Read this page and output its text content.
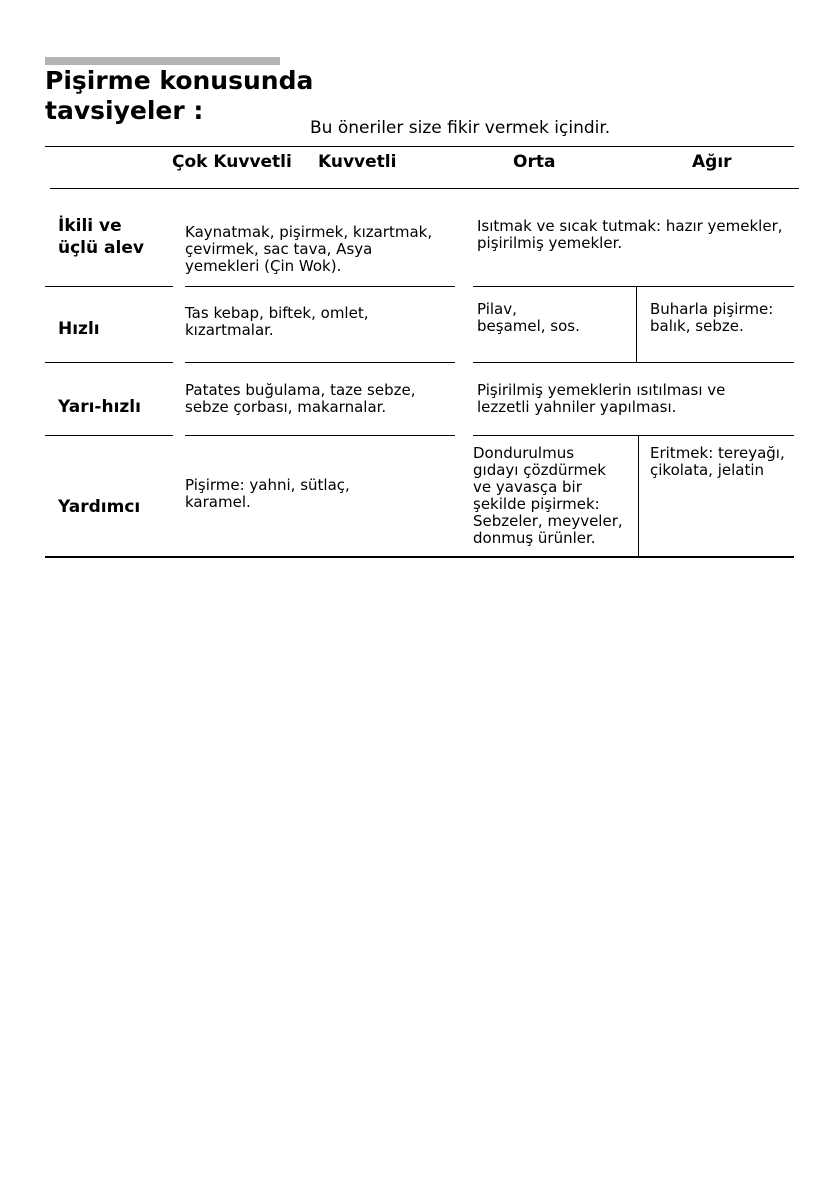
Pişirme konusunda
tavsiyeler :
Bu öneriler size fikir vermek içindir.
Çok Kuvvetli Kuvvetli	Orta	Ağır
İkili ve
üçlü alev
Kaynatmak, pişirmek, kızartmak,
çevirmek, sac tava, Asya
yemekleri (Çin Wok).
Isıtmak ve sıcak tutmak: hazır yemekler,
pişirilmiş yemekler.
Hızlı
Tas kebap, biftek, omlet,
kızartmalar.
Pilav,
beşamel, sos.
Buharla pişirme:
balık, sebze.
Yarı-hızlı
Patates buğulama, taze sebze,
sebze çorbası, makarnalar.
Pişirilmiş yemeklerin ısıtılması ve
lezzetli yahniler yapılması.
Yardımcı
Pişirme: yahni, sütlaç,
karamel.
Dondurulmus
gıdayı çözdürmek
ve yavasça bir
şekilde pişirmek:
Sebzeler, meyveler,
donmuş ürünler.
Eritmek: tereyağı,
çikolata, jelatin
